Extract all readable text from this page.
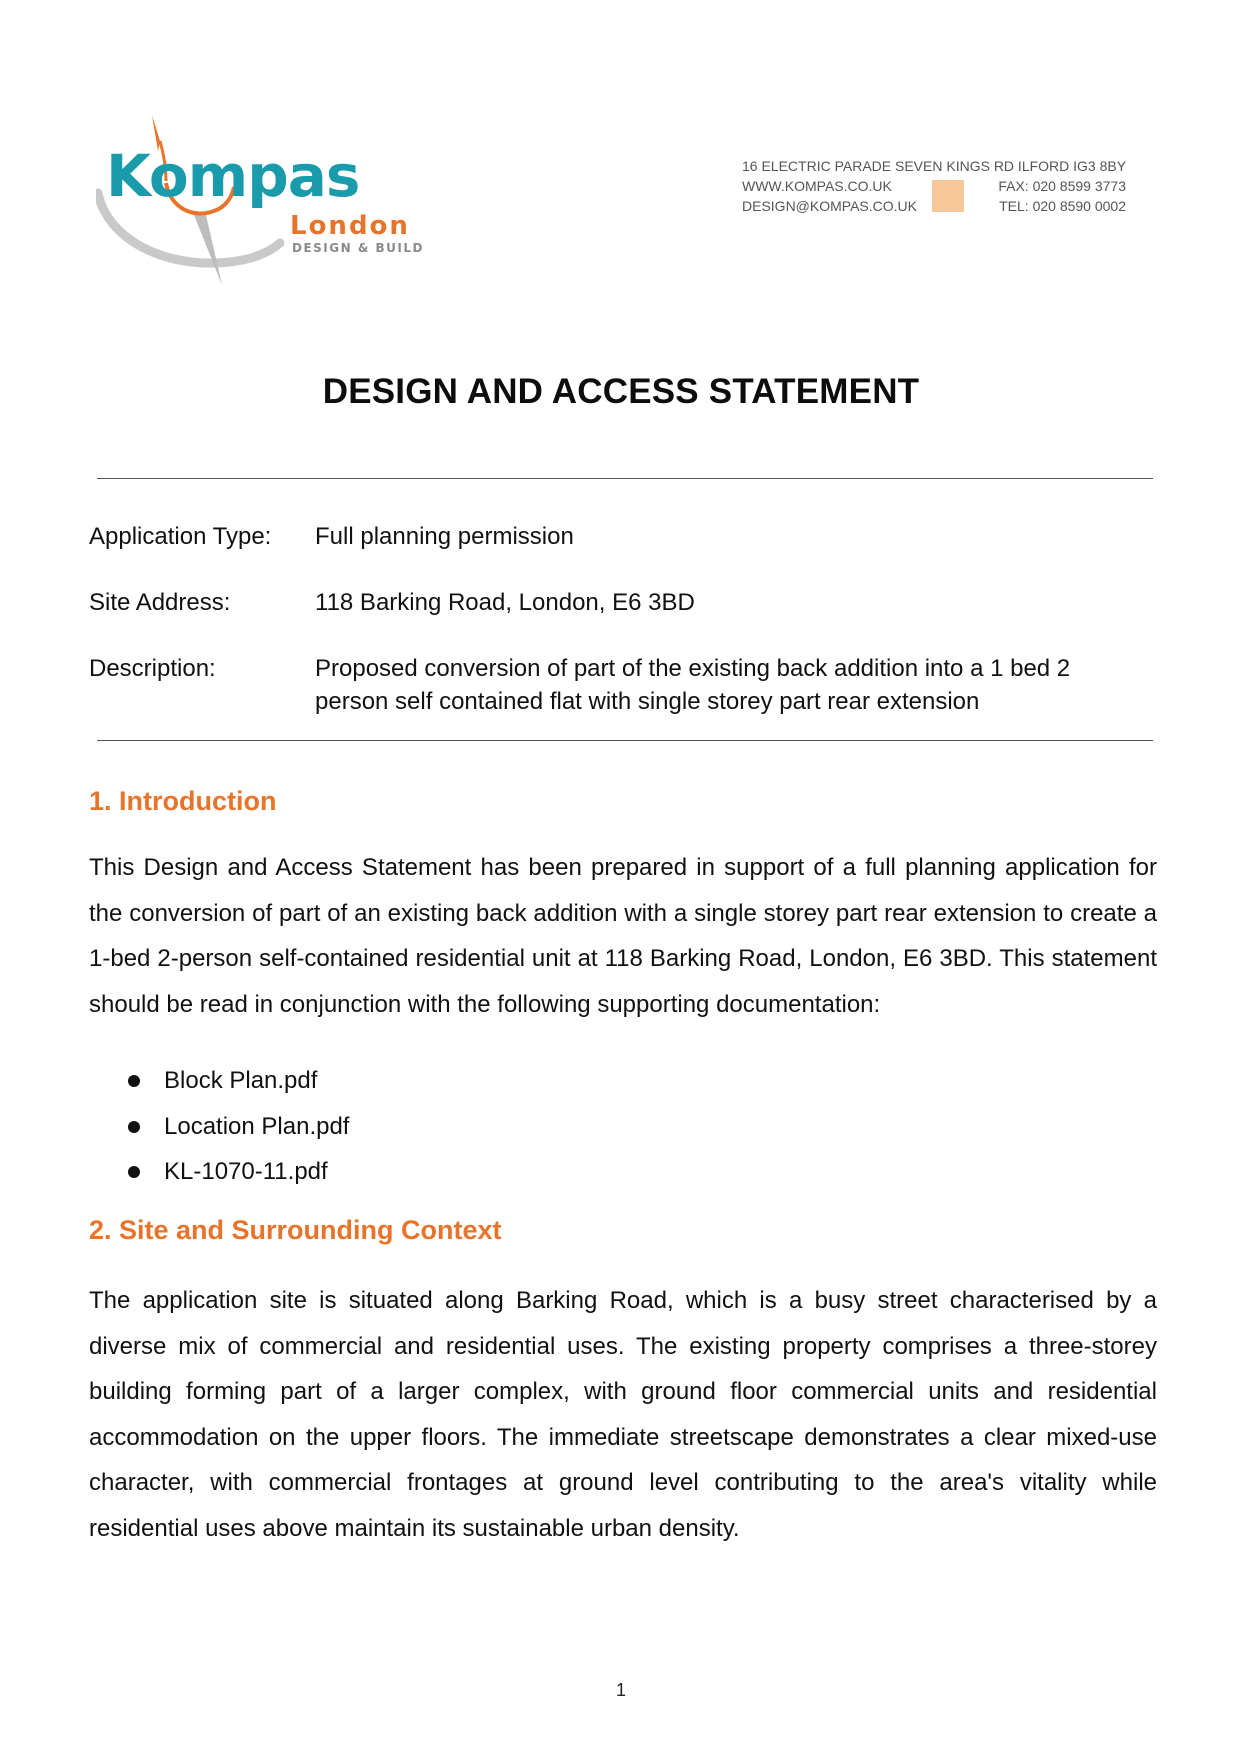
Kompas
London
DESIGN & BUILD
16 ELECTRIC PARADE SEVEN KINGS RD ILFORD IG3 8BY
WWW.KOMPAS.CO.UK	FAX: 020 8599 3773
DESIGN@KOMPAS.CO.UK	TEL: 020 8590 0002
DESIGN AND ACCESS STATEMENT
Application Type: Full planning permission
Site Address:	118 Barking Road, London, E6 3BD
Description:	Proposed conversion of part of the existing back addition into a 1 bed 2 person self contained flat with single storey part rear extension
1. Introduction

This Design and Access Statement has been prepared in support of a full planning application for the conversion of part of an existing back addition with a single storey part rear extension to create a 1-bed 2-person self-contained residential unit at 118 Barking Road, London, E6 3BD. This statement should be read in conjunction with the following supporting documentation:

Block Plan.pdf
Location Plan.pdf
KL-1070-11.pdf
2. Site and Surrounding Context

The application site is situated along Barking Road, which is a busy street characterised by a diverse mix of commercial and residential uses. The existing property comprises a three-storey building forming part of a larger complex, with ground floor commercial units and residential accommodation on the upper floors. The immediate streetscape demonstrates a clear mixed-use character, with commercial frontages at ground level contributing to the area's vitality while residential uses above maintain its sustainable urban density.

1
